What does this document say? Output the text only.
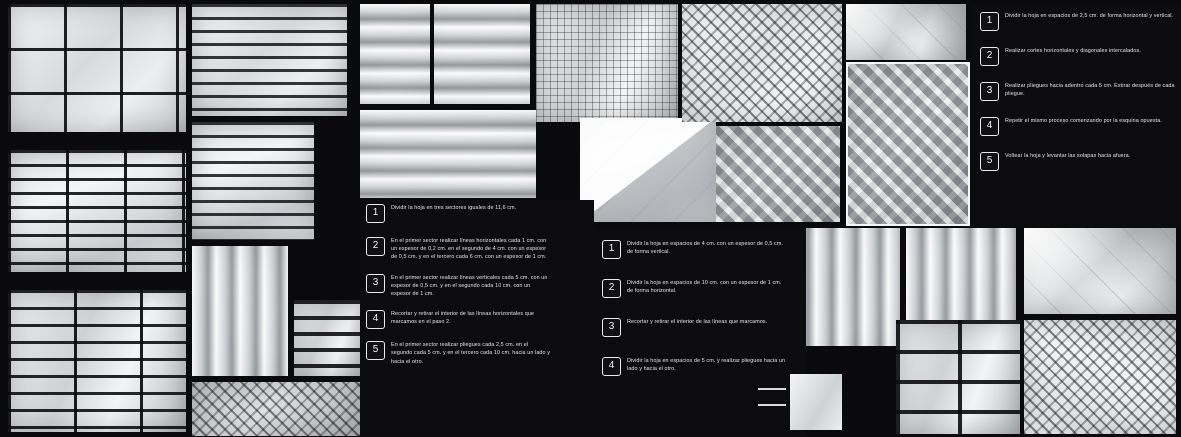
1	Dividir la hoja en espacios de 2,5 cm. de forma horizontal y vertical.
2	Realizar cortes horizontales y diagonales intercalados.
3	Realizar pliegues hacia adentro cada 5 cm. Estirar después de cada pliegue.
4	Repetir el mismo proceso comenzando por la esquina opuesta.
5	Voltear la hoja y levantar las solapas hacia afuera.
1	Dividir la hoja en tres sectores iguales de 11,6 cm.
2	En el primer sector realizar líneas horizontales cada 1 cm. con un espesor de 0,2 cm. en el segundo de 4 cm. con un espesor de 0,5 cm. y en el tercero cada 6 cm. con un espesor de 1 cm.
3	En el primer sector realizar líneas verticales cada 5 cm. con un espesor de 0,5 cm. y en el segundo cada 10 cm. con un espesor de 1 cm.
4	Recortar y retirar el interior de las líneas horizontales que marcamos en el paso 2.
5	En el primer sector realizar pliegues cada 2,5 cm. en el segundo cada 5 cm. y en el tercero cada 10 cm. hacia un lado y hacia el otro.
1	Dividir la hoja en espacios de 4 cm. con un espesor de 0,5 cm. de forma vertical.
2	Dividir la hoja en espacios de 10 cm. con un espesor de 1 cm. de forma horizontal.
3	Recortar y retirar el interior de las líneas que marcamos.
4	Dividir la hoja en espacios de 5 cm. y realizar pliegues hacia un lado y hacia el otro.
